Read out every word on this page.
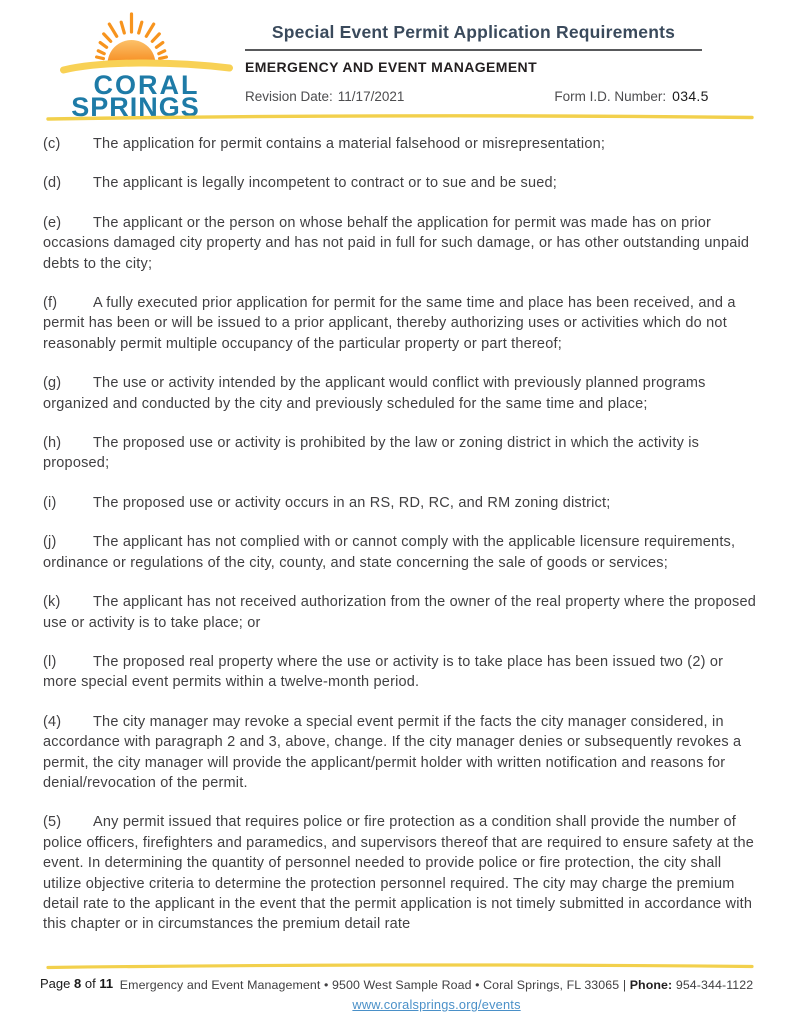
CORAL
SPRINGS
Special Event Permit Application Requirements
EMERGENCY AND EVENT MANAGEMENT
Revision Date: 11/17/2021	Form I.D. Number: 034.5

(c) The application for permit contains a material falsehood or misrepresentation;

(d) The applicant is legally incompetent to contract or to sue and be sued;

(e) The applicant or the person on whose behalf the application for permit was made has on prior occasions damaged city property and has not paid in full for such damage, or has other outstanding unpaid debts to the city;

(f) A fully executed prior application for permit for the same time and place has been received, and a permit has been or will be issued to a prior applicant, thereby authorizing uses or activities which do not reasonably permit multiple occupancy of the particular property or part thereof;

(g) The use or activity intended by the applicant would conflict with previously planned programs organized and conducted by the city and previously scheduled for the same time and place;

(h) The proposed use or activity is prohibited by the law or zoning district in which the activity is proposed;

(i)	The proposed use or activity occurs in an RS, RD, RC, and RM zoning district;

(j)	The applicant has not complied with or cannot comply with the applicable licensure requirements, ordinance or regulations of the city, county, and state concerning the sale of goods or services;

(k) The applicant has not received authorization from the owner of the real property where the proposed use or activity is to take place; or

(l)	The proposed real property where the use or activity is to take place has been issued two (2) or more special event permits within a twelve-month period.

(4) The city manager may revoke a special event permit if the facts the city manager considered, in accordance with paragraph 2 and 3, above, change. If the city manager denies or subsequently revokes a permit, the city manager will provide the applicant/permit holder with written notification and reasons for denial/revocation of the permit.

(5) Any permit issued that requires police or fire protection as a condition shall provide the number of police officers, firefighters and paramedics, and supervisors thereof that are required to ensure safety at the event. In determining the quantity of personnel needed to provide police or fire protection, the city shall utilize objective criteria to determine the protection personnel required. The city may charge the premium detail rate to the applicant in the event that the permit application is not timely submitted in accordance with this chapter or in circumstances the premium detail rate

Page 8 of 11 Emergency and Event Management • 9500 West Sample Road • Coral Springs, FL 33065 | Phone: 954-344-1122
www.coralsprings.org/events
